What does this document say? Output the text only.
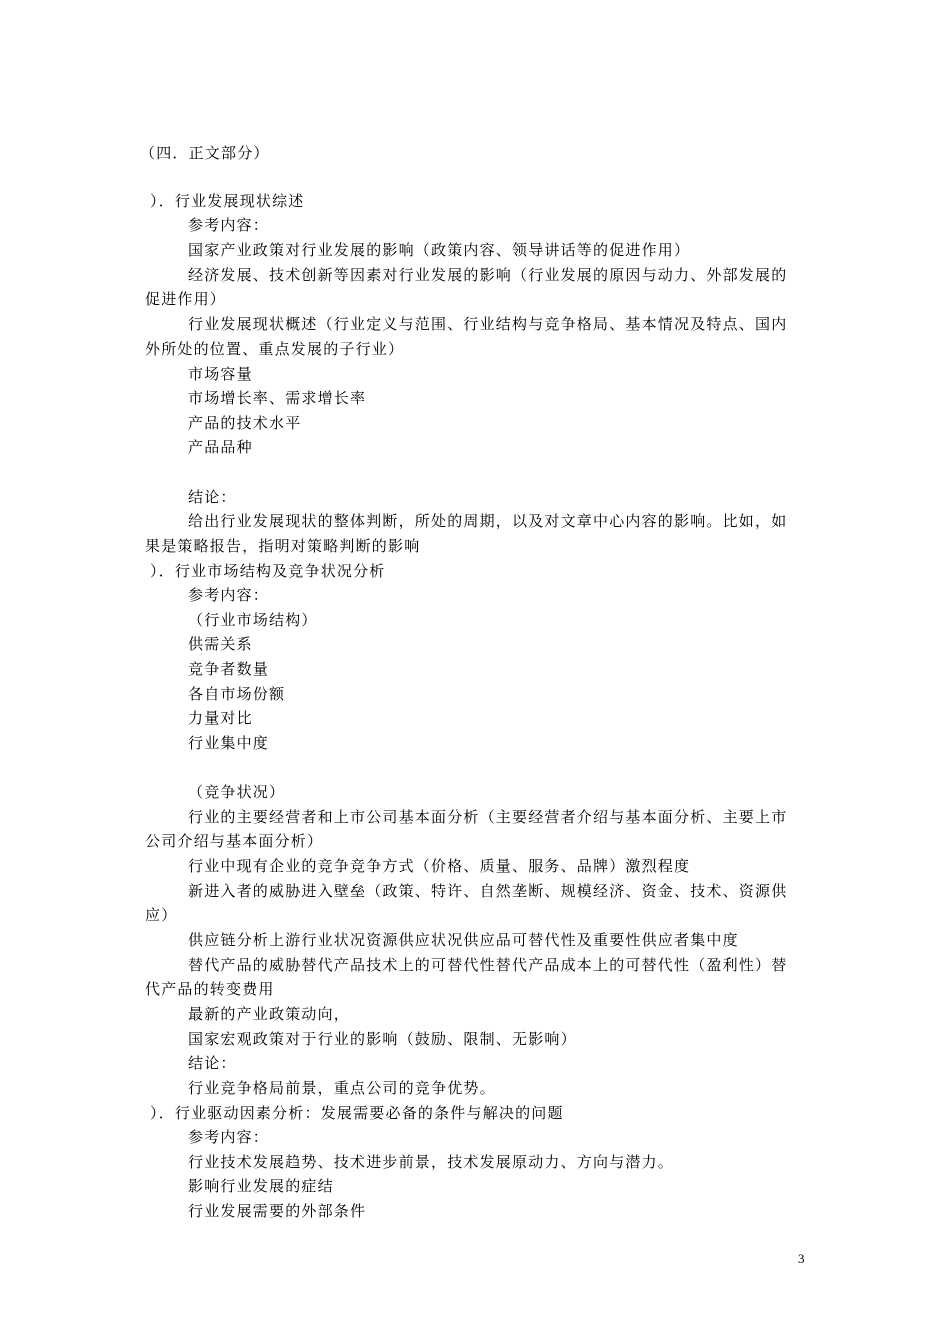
（四．正文部分）
）．行业发展现状综述
参考内容：
国家产业政策对行业发展的影响（政策内容、领导讲话等的促进作用）
经济发展、技术创新等因素对行业发展的影响（行业发展的原因与动力、外部发展的
促进作用）
行业发展现状概述（行业定义与范围、行业结构与竞争格局、基本情况及特点、国内
外所处的位置、重点发展的子行业）
市场容量
市场增长率、需求增长率
产品的技术水平
产品品种
结论：
给出行业发展现状的整体判断，所处的周期，以及对文章中心内容的影响。比如，如
果是策略报告，指明对策略判断的影响
）．行业市场结构及竞争状况分析
参考内容：
（行业市场结构）
供需关系
竞争者数量
各自市场份额
力量对比
行业集中度
（竞争状况）
行业的主要经营者和上市公司基本面分析（主要经营者介绍与基本面分析、主要上市
公司介绍与基本面分析）
行业中现有企业的竞争竞争方式（价格、质量、服务、品牌）激烈程度
新进入者的威胁进入壁垒（政策、特许、自然垄断、规模经济、资金、技术、资源供
应）
供应链分析上游行业状况资源供应状况供应品可替代性及重要性供应者集中度
替代产品的威胁替代产品技术上的可替代性替代产品成本上的可替代性（盈利性）替
代产品的转变费用
最新的产业政策动向，
国家宏观政策对于行业的影响（鼓励、限制、无影响）
结论：
行业竞争格局前景，重点公司的竞争优势。
）．行业驱动因素分析：发展需要必备的条件与解决的问题
参考内容：
行业技术发展趋势、技术进步前景，技术发展原动力、方向与潜力。
影响行业发展的症结
行业发展需要的外部条件
3
